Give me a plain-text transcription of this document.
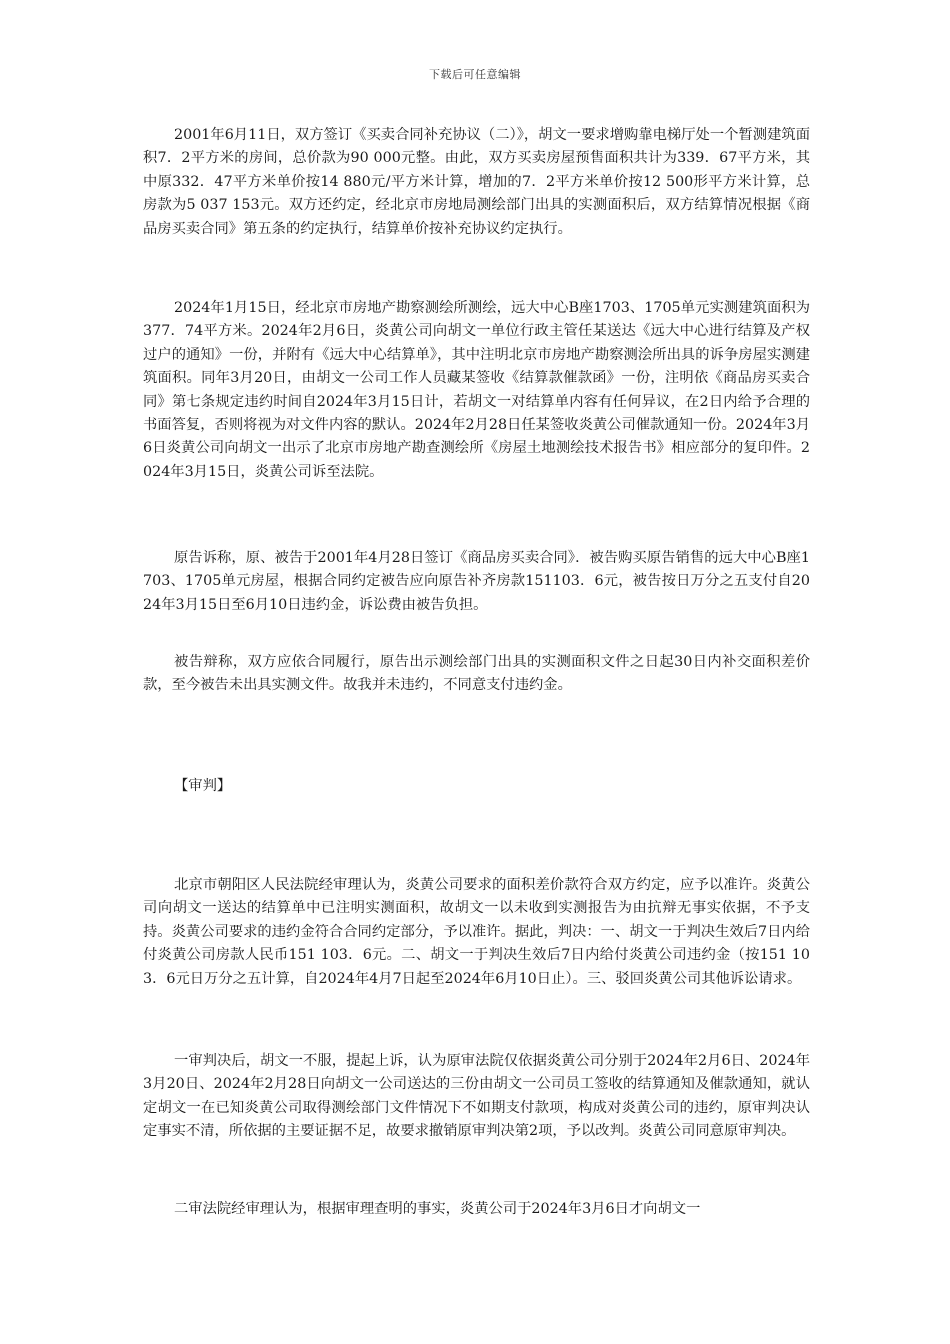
下载后可任意编辑

2001年6月11日，双方签订《买卖合同补充协议（二）》，胡文一要求增购靠电梯厅处一个暂测建筑面积7．2平方米的房间，总价款为90 000元整。由此，双方买卖房屋预售面积共计为339．67平方米，其中原332．47平方米单价按14 880元/平方米计算，增加的7．2平方米单价按12 500形平方米计算，总房款为5 037 153元。双方还约定，经北京市房地局测绘部门出具的实测面积后，双方结算情况根据《商品房买卖合同》第五条的约定执行，结算单价按补充协议约定执行。

2024年1月15日，经北京市房地产勘察测绘所测绘，远大中心B座1703、1705单元实测建筑面积为377．74平方米。2024年2月6日，炎黄公司向胡文一单位行政主管任某送达《远大中心进行结算及产权过户的通知》一份，并附有《远大中心结算单》，其中注明北京市房地产勘察测浍所出具的诉争房屋实测建筑面积。同年3月20日，由胡文一公司工作人员藏某签收《结算款催款函》一份，注明依《商品房买卖合同》第七条规定违约时间自2024年3月15日计，若胡文一对结算单内容有任何异议，在2日内给予合理的书面答复，否则将视为对文件内容的默认。2024年2月28日任某签收炎黄公司催款通知一份。2024年3月6日炎黄公司向胡文一出示了北京市房地产勘查测绘所《房屋土地测绘技术报告书》相应部分的复印件。2024年3月15日，炎黄公司诉至法院。

原告诉称，原、被告于2001年4月28日签订《商品房买卖合同》．被告购买原告销售的远大中心B座1703、1705单元房屋，根据合同约定被告应向原告补齐房款151103．6元，被告按日万分之五支付自2024年3月15日至6月10日违约金，诉讼费由被告负担。

被告辩称，双方应依合同履行，原告出示测绘部门出具的实测面积文件之日起30日内补交面积差价款，至今被告未出具实测文件。故我并未违约，不同意支付违约金。

【审判】

北京市朝阳区人民法院经审理认为，炎黄公司要求的面积差价款符合双方约定，应予以准许。炎黄公司向胡文一送达的结算单中已注明实测面积，故胡文一以未收到实测报告为由抗辩无事实依据，不予支持。炎黄公司要求的违约金符合合同约定部分，予以准许。据此，判决：一、胡文一于判决生效后7日内给付炎黄公司房款人民币151 103．6元。二、胡文一于判决生效后7日内给付炎黄公司违约金（按151 103．6元日万分之五计算，自2024年4月7日起至2024年6月10日止）。三、驳回炎黄公司其他诉讼请求。

一审判决后，胡文一不服，提起上诉，认为原审法院仅依据炎黄公司分别于2024年2月6日、2024年3月20日、2024年2月28日向胡文一公司送达的三份由胡文一公司员工签收的结算通知及催款通知，就认定胡文一在已知炎黄公司取得测绘部门文件情况下不如期支付款项，构成对炎黄公司的违约，原审判决认定事实不清，所依据的主要证据不足，故要求撤销原审判决第2项，予以改判。炎黄公司同意原审判决。

二审法院经审理认为，根据审理查明的事实，炎黄公司于2024年3月6日才向胡文一
